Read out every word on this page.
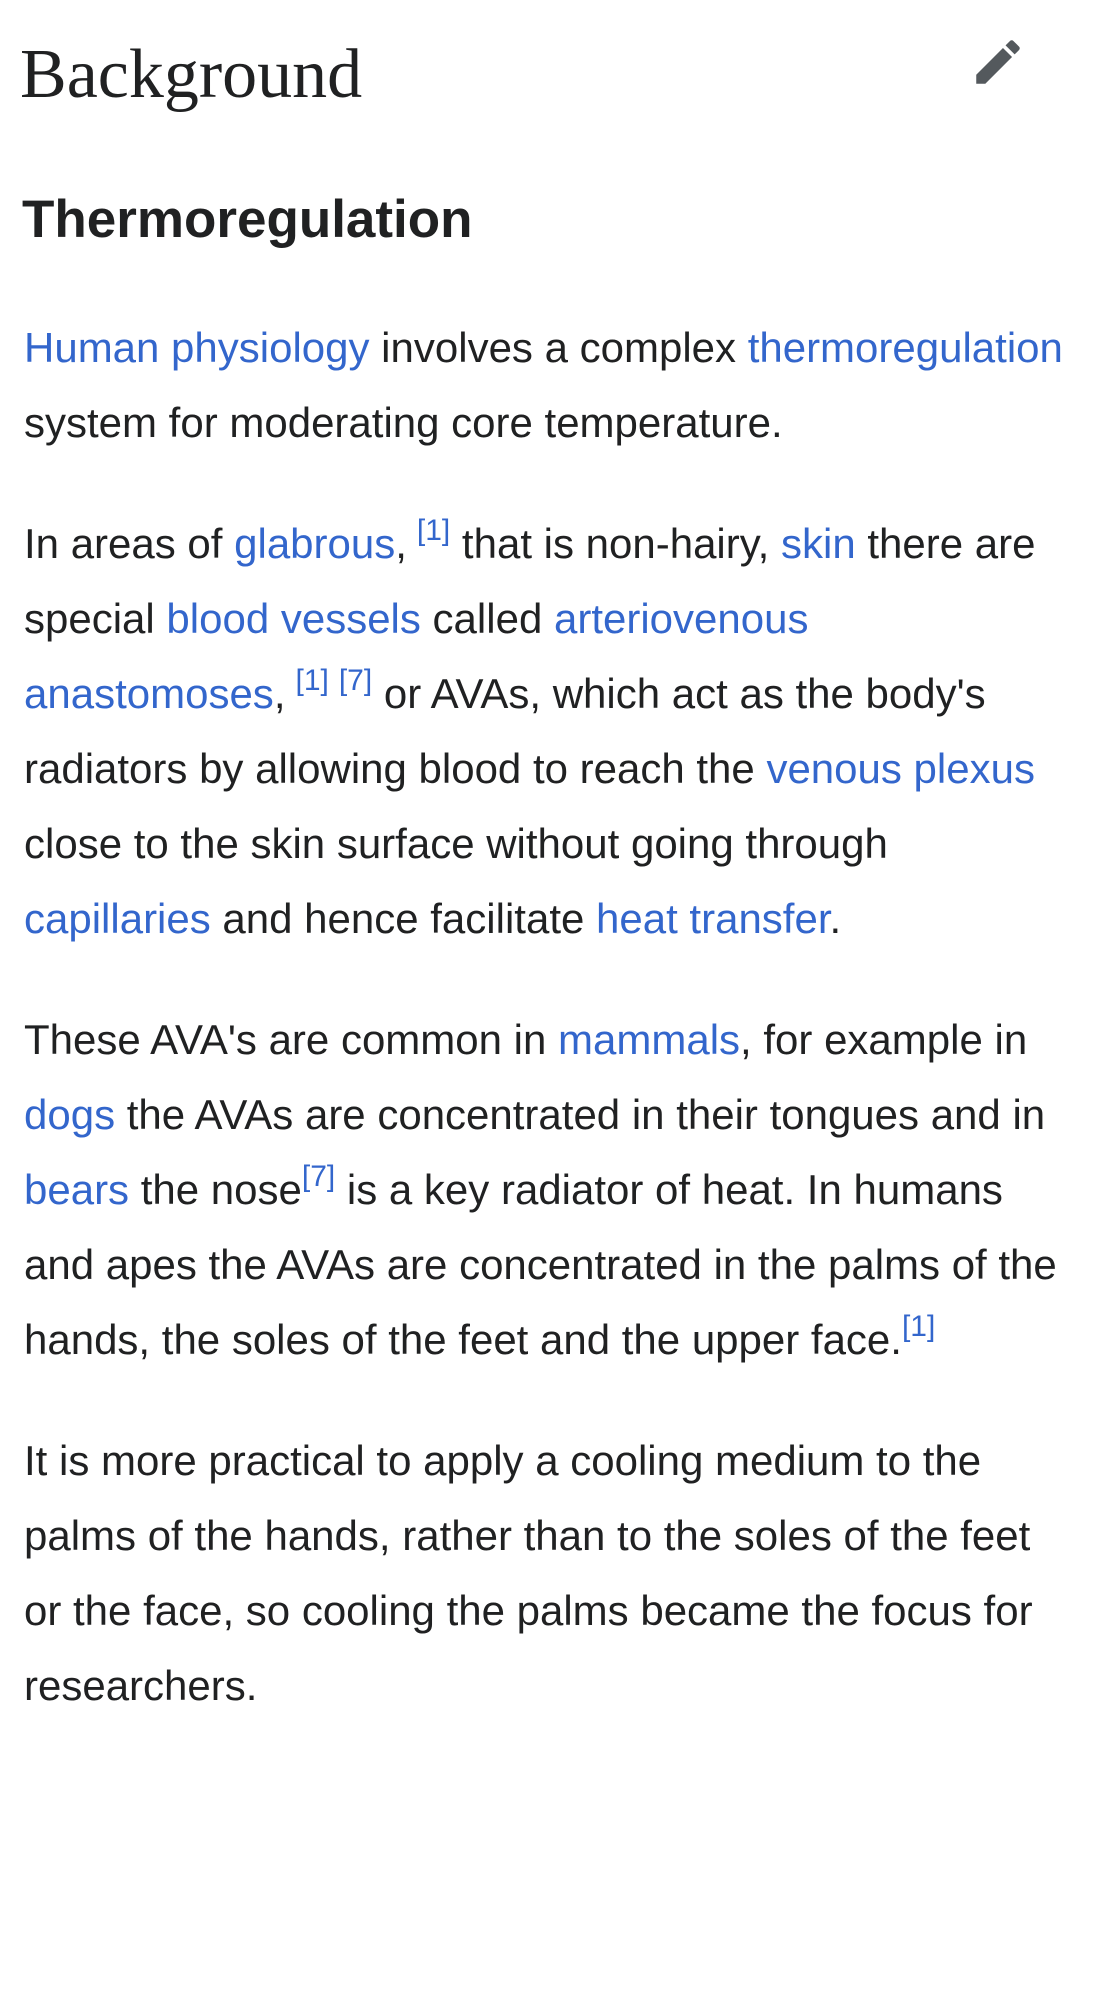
Background
Thermoregulation

Human physiology involves a complex thermoregulation system for moderating core temperature.

In areas of glabrous, [1] that is non-hairy, skin there are special blood vessels called arteriovenous anastomoses, [1] [7] or AVAs, which act as the body's radiators by allowing blood to reach the venous plexus close to the skin surface without going through capillaries and hence facilitate heat transfer.

These AVA's are common in mammals, for example in dogs the AVAs are concentrated in their tongues and in bears the nose[7] is a key radiator of heat. In humans and apes the AVAs are concentrated in the palms of the hands, the soles of the feet and the upper face.[1]

It is more practical to apply a cooling medium to the palms of the hands, rather than to the soles of the feet or the face, so cooling the palms became the focus for researchers.
